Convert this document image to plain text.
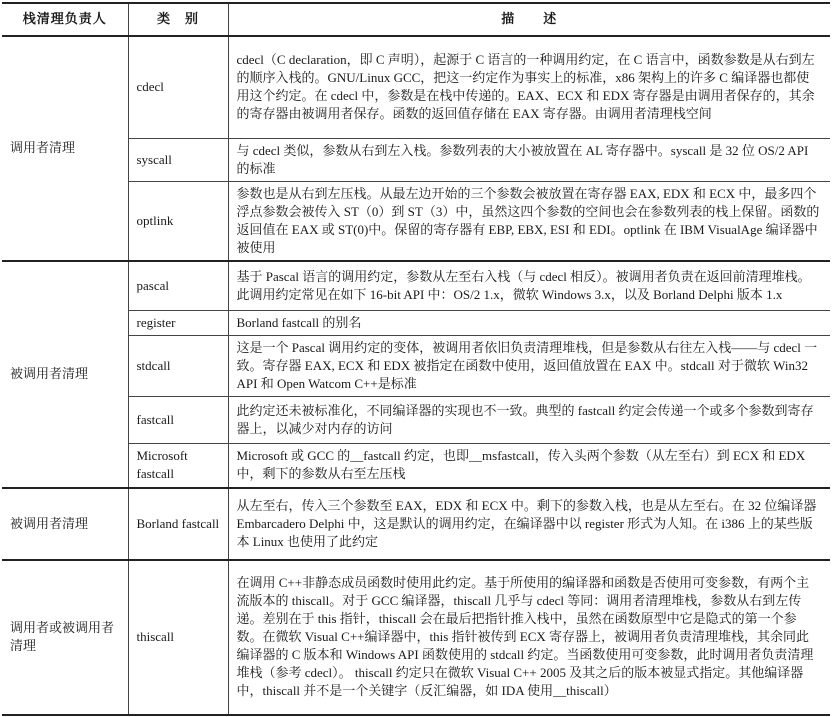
栈清理负责人	类　别	描　　述
调用者清理	cdecl	cdecl（C declaration，即 C 声明），起源于 C 语言的一种调用约定，在 C 语言中，函数参数是从右到左的顺序入栈的。GNU/Linux GCC，把这一约定作为事实上的标准，x86 架构上的许多 C 编译器也都使用这个约定。在 cdecl 中，参数是在栈中传递的。EAX、ECX 和 EDX 寄存器是由调用者保存的，其余的寄存器由被调用者保存。函数的返回值存储在 EAX 寄存器。由调用者清理栈空间
	syscall	与 cdecl 类似，参数从右到左入栈。参数列表的大小被放置在 AL 寄存器中。syscall 是 32 位 OS/2 API 的标准
	optlink	参数也是从右到左压栈。从最左边开始的三个参数会被放置在寄存器 EAX, EDX 和 ECX 中，最多四个浮点参数会被传入 ST（0）到 ST（3）中，虽然这四个参数的空间也会在参数列表的栈上保留。函数的返回值在 EAX 或 ST(0)中。保留的寄存器有 EBP, EBX, ESI 和 EDI。optlink 在 IBM VisualAge 编译器中被使用
被调用者清理	pascal	基于 Pascal 语言的调用约定，参数从左至右入栈（与 cdecl 相反）。被调用者负责在返回前清理堆栈。此调用约定常见在如下 16-bit API 中：OS/2 1.x，微软 Windows 3.x，以及 Borland Delphi 版本 1.x
	register	Borland fastcall 的别名
	stdcall	这是一个 Pascal 调用约定的变体，被调用者依旧负责清理堆栈，但是参数从右往左入栈——与 cdecl 一致。寄存器 EAX, ECX 和 EDX 被指定在函数中使用，返回值放置在 EAX 中。stdcall 对于微软 Win32 API 和 Open Watcom C++是标准
	fastcall	此约定还未被标准化，不同编译器的实现也不一致。典型的 fastcall 约定会传递一个或多个参数到寄存器上，以减少对内存的访问
	Microsoft fastcall	Microsoft 或 GCC 的__fastcall 约定，也即__msfastcall，传入头两个参数（从左至右）到 ECX 和 EDX 中，剩下的参数从右至左压栈
被调用者清理	Borland fastcall	从左至右，传入三个参数至 EAX，EDX 和 ECX 中。剩下的参数入栈，也是从左至右。在 32 位编译器 Embarcadero Delphi 中，这是默认的调用约定，在编译器中以 register 形式为人知。在 i386 上的某些版本 Linux 也使用了此约定
调用者或被调用者清理	thiscall	在调用 C++非静态成员函数时使用此约定。基于所使用的编译器和函数是否使用可变参数，有两个主流版本的 thiscall。对于 GCC 编译器，thiscall 几乎与 cdecl 等同：调用者清理堆栈，参数从右到左传递。差别在于 this 指针，thiscall 会在最后把指针推入栈中，虽然在函数原型中它是隐式的第一个参数。在微软 Visual C++编译器中，this 指针被传到 ECX 寄存器上，被调用者负责清理堆栈，其余同此编译器的 C 版本和 Windows API 函数使用的 stdcall 约定。当函数使用可变参数，此时调用者负责清理堆栈（参考 cdecl）。 thiscall 约定只在微软 Visual C++ 2005 及其之后的版本被显式指定。其他编译器中，thiscall 并不是一个关键字（反汇编器，如 IDA 使用__thiscall）
